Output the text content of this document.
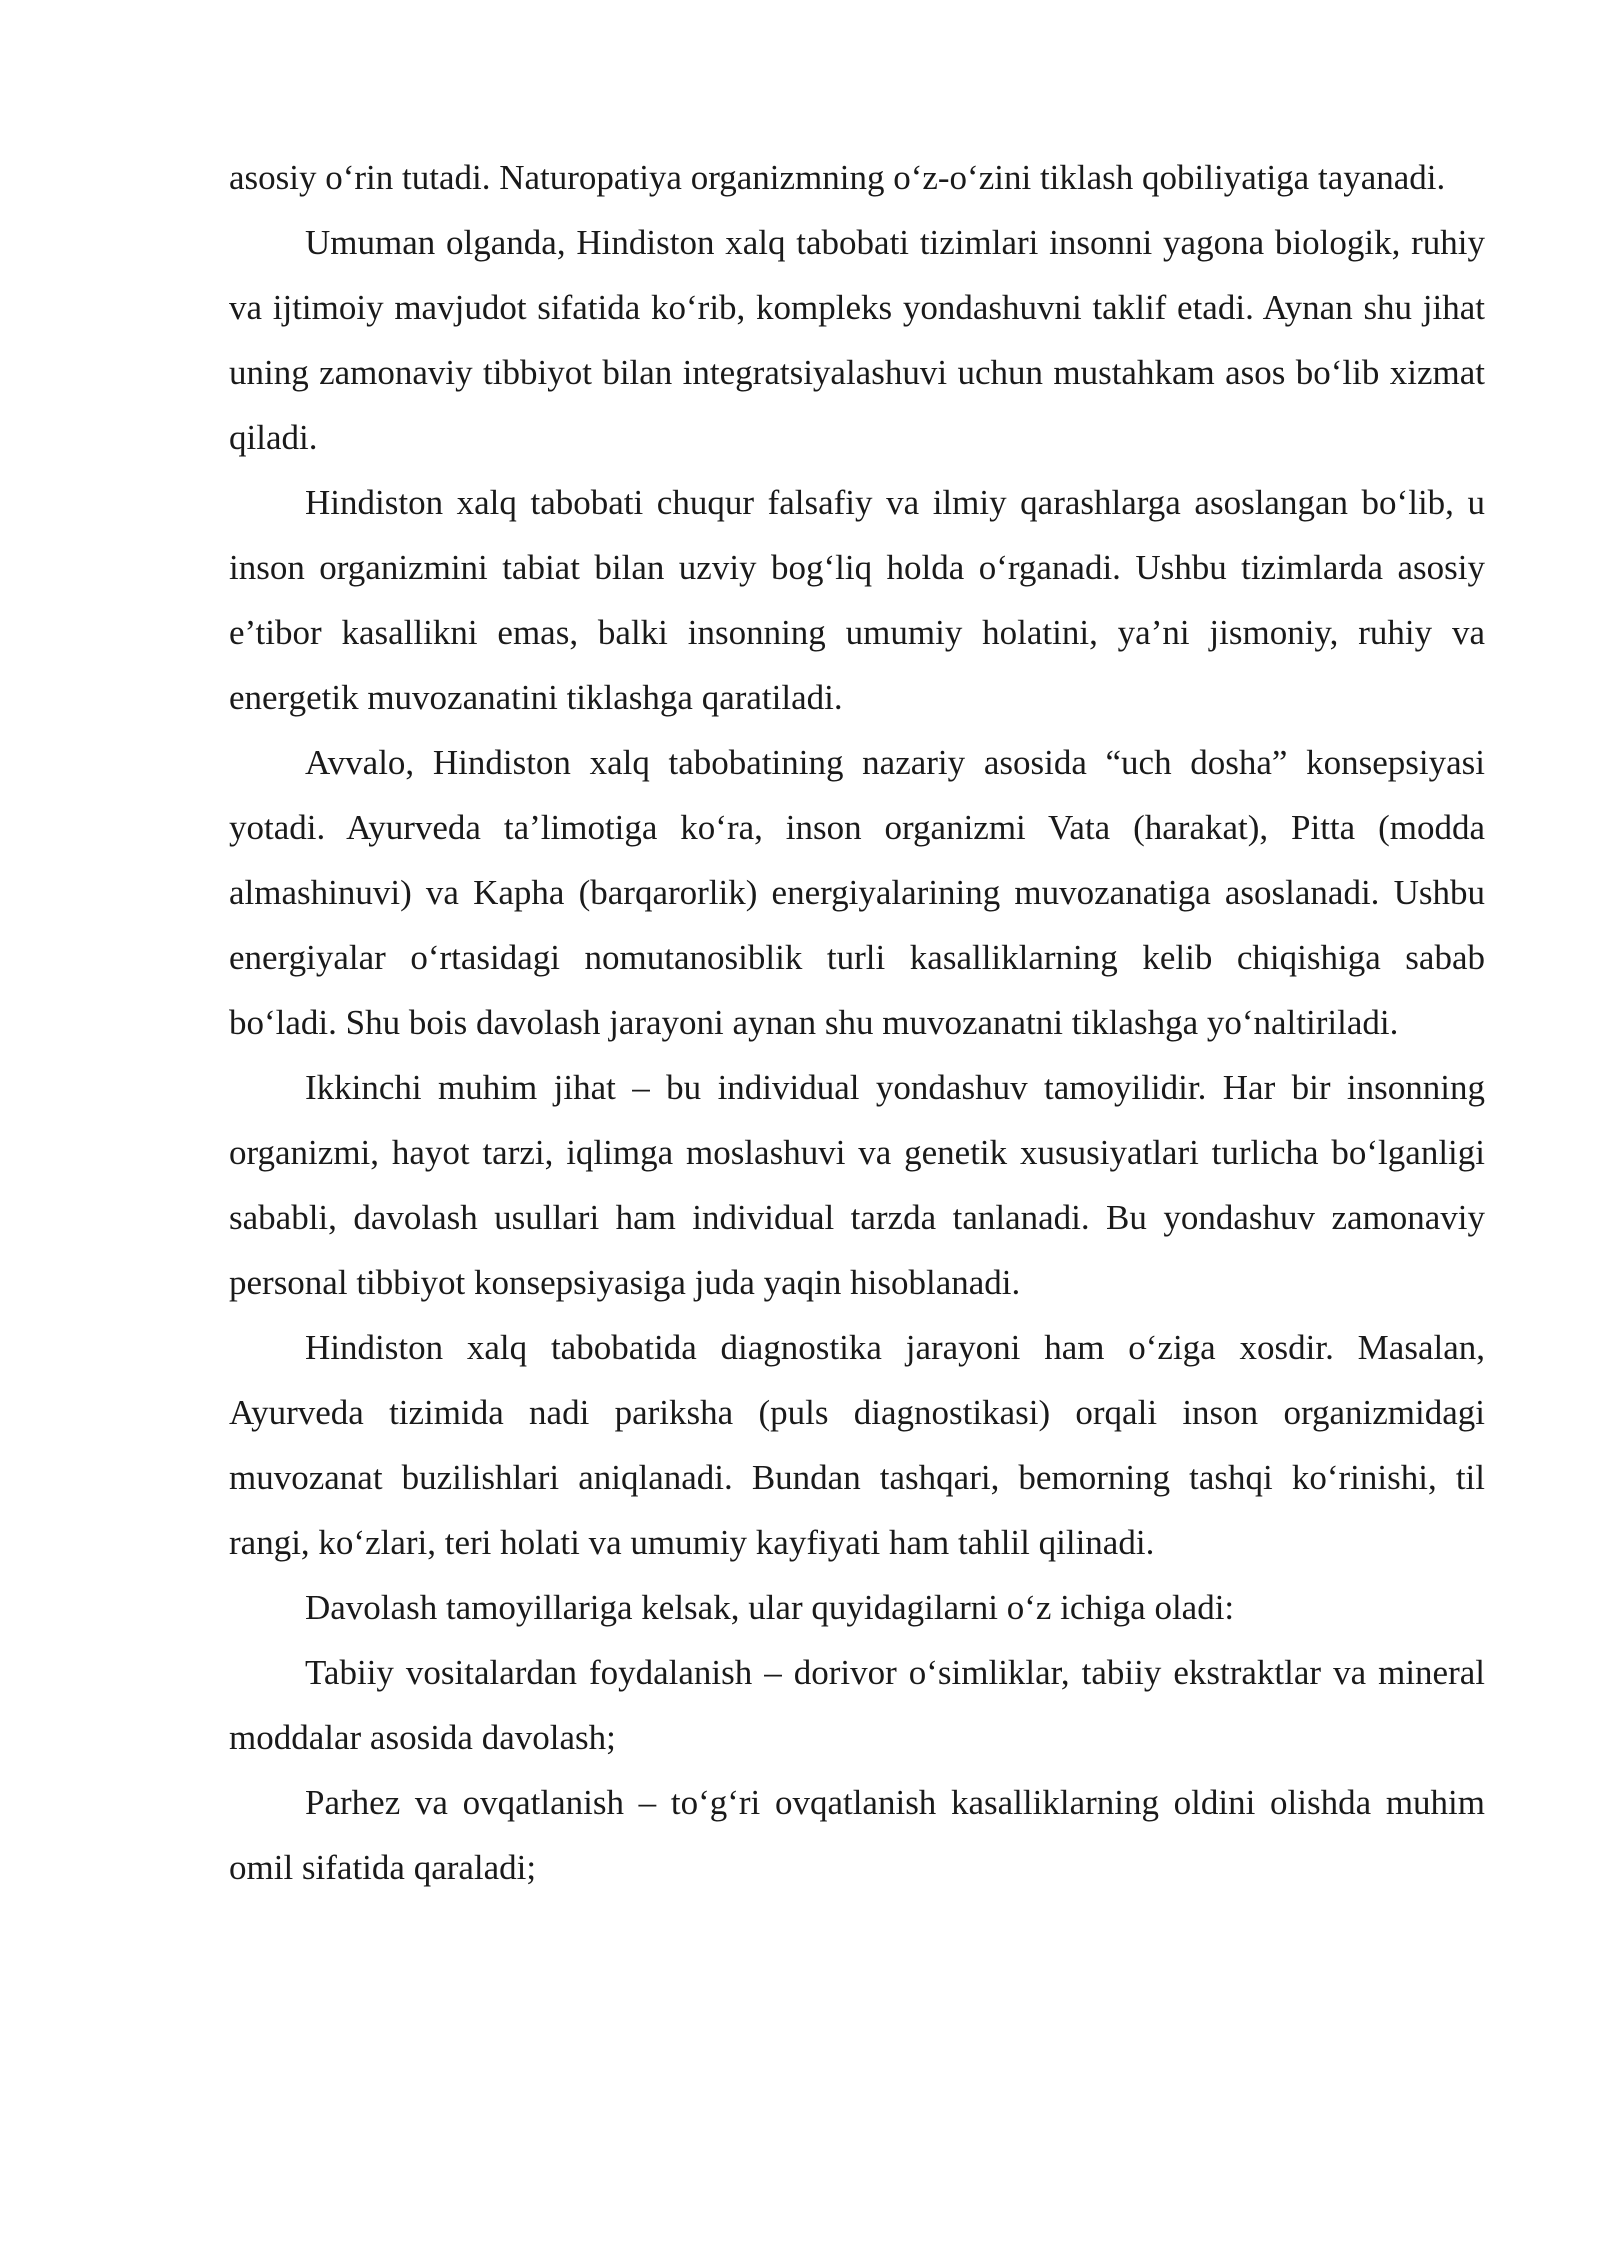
asosiy o‘rin tutadi. Naturopatiya organizmning o‘z-o‘zini tiklash qobiliyatiga tayanadi.

Umuman olganda, Hindiston xalq tabobati tizimlari insonni yagona biologik, ruhiy va ijtimoiy mavjudot sifatida ko‘rib, kompleks yondashuvni taklif etadi. Aynan shu jihat uning zamonaviy tibbiyot bilan integratsiyalashuvi uchun mustahkam asos bo‘lib xizmat qiladi.

Hindiston xalq tabobati chuqur falsafiy va ilmiy qarashlarga asoslangan bo‘lib, u inson organizmini tabiat bilan uzviy bog‘liq holda o‘rganadi. Ushbu tizimlarda asosiy e’tibor kasallikni emas, balki insonning umumiy holatini, ya’ni jismoniy, ruhiy va energetik muvozanatini tiklashga qaratiladi.

Avvalo, Hindiston xalq tabobatining nazariy asosida “uch dosha” konsepsiyasi yotadi. Ayurveda ta’limotiga ko‘ra, inson organizmi Vata (harakat), Pitta (modda almashinuvi) va Kapha (barqarorlik) energiyalarining muvozanatiga asoslanadi. Ushbu energiyalar o‘rtasidagi nomutanosiblik turli kasalliklarning kelib chiqishiga sabab bo‘ladi. Shu bois davolash jarayoni aynan shu muvozanatni tiklashga yo‘naltiriladi.

Ikkinchi muhim jihat – bu individual yondashuv tamoyilidir. Har bir insonning organizmi, hayot tarzi, iqlimga moslashuvi va genetik xususiyatlari turlicha bo‘lganligi sababli, davolash usullari ham individual tarzda tanlanadi. Bu yondashuv zamonaviy personal tibbiyot konsepsiyasiga juda yaqin hisoblanadi.

Hindiston xalq tabobatida diagnostika jarayoni ham o‘ziga xosdir. Masalan, Ayurveda tizimida nadi pariksha (puls diagnostikasi) orqali inson organizmidagi muvozanat buzilishlari aniqlanadi. Bundan tashqari, bemorning tashqi ko‘rinishi, til rangi, ko‘zlari, teri holati va umumiy kayfiyati ham tahlil qilinadi.

Davolash tamoyillariga kelsak, ular quyidagilarni o‘z ichiga oladi:

Tabiiy vositalardan foydalanish – dorivor o‘simliklar, tabiiy ekstraktlar va mineral moddalar asosida davolash;

Parhez va ovqatlanish – to‘g‘ri ovqatlanish kasalliklarning oldini olishda muhim omil sifatida qaraladi;
